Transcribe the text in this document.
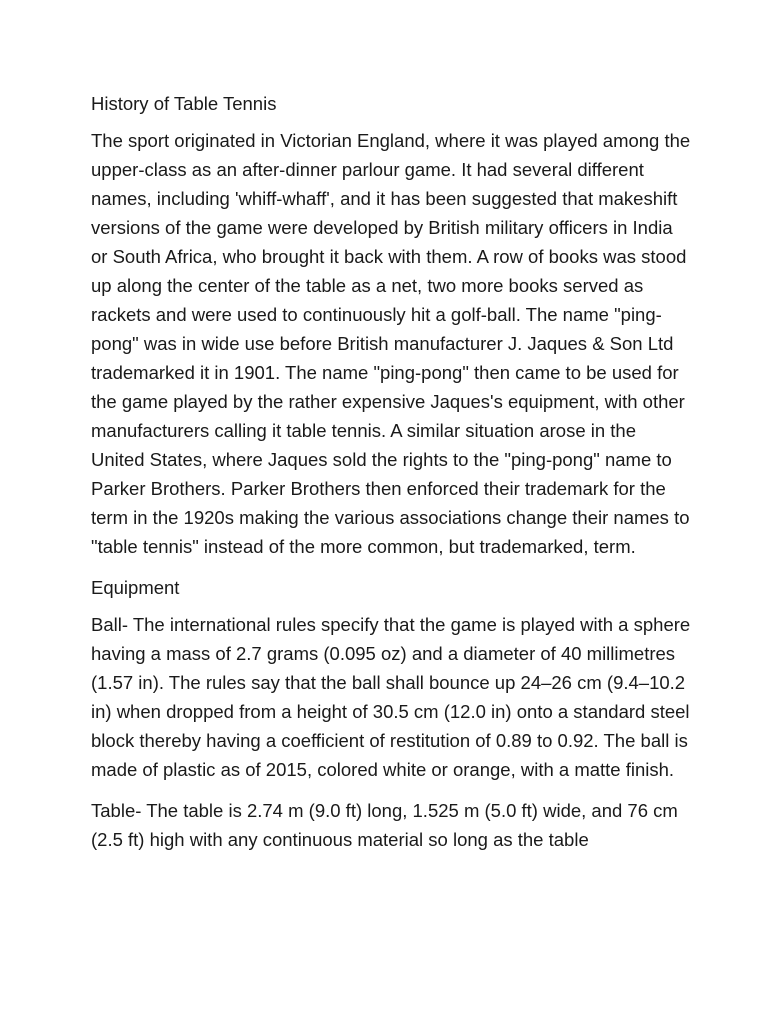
History of Table Tennis

The sport originated in Victorian England, where it was played among the upper-class as an after-dinner parlour game. It had several different names, including 'whiff-whaff', and it has been suggested that makeshift versions of the game were developed by British military officers in India or South Africa, who brought it back with them. A row of books was stood up along the center of the table as a net, two more books served as rackets and were used to continuously hit a golf-ball. The name "ping-pong" was in wide use before British manufacturer J. Jaques & Son Ltd trademarked it in 1901. The name "ping-pong" then came to be used for the game played by the rather expensive Jaques's equipment, with other manufacturers calling it table tennis. A similar situation arose in the United States, where Jaques sold the rights to the "ping-pong" name to Parker Brothers. Parker Brothers then enforced their trademark for the term in the 1920s making the various associations change their names to "table tennis" instead of the more common, but trademarked, term.

Equipment

Ball- The international rules specify that the game is played with a sphere having a mass of 2.7 grams (0.095 oz) and a diameter of 40 millimetres (1.57 in). The rules say that the ball shall bounce up 24–26 cm (9.4–10.2 in) when dropped from a height of 30.5 cm (12.0 in) onto a standard steel block thereby having a coefficient of restitution of 0.89 to 0.92. The ball is made of plastic as of 2015, colored white or orange, with a matte finish.

Table- The table is 2.74 m (9.0 ft) long, 1.525 m (5.0 ft) wide, and 76 cm (2.5 ft) high with any continuous material so long as the table
